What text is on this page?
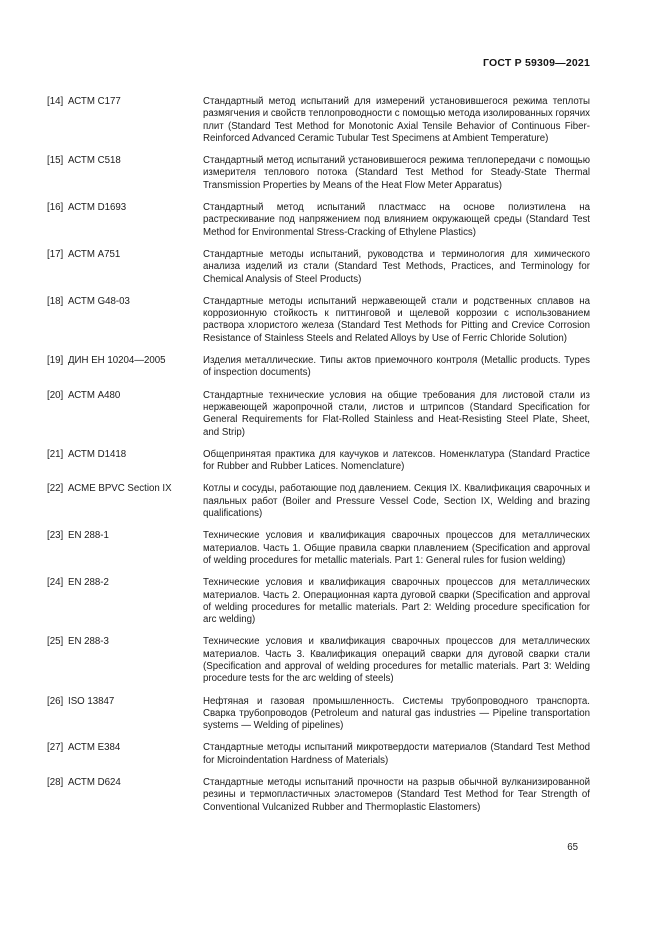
ГОСТ Р 59309—2021
[14] АСТМ С177	Стандартный метод испытаний для измерений установившегося режима теплоты размягчения и свойств теплопроводности с помощью метода изолированных горячих плит (Standard Test Method for Monotonic Axial Tensile Behavior of Continuous Fiber-Reinforced Advanced Ceramic Tubular Test Specimens at Ambient Temperature)
[15] АСТМ С518	Стандартный метод испытаний установившегося режима теплопередачи с помощью измерителя теплового потока (Standard Test Method for Steady-State Thermal Transmission Properties by Means of the Heat Flow Meter Apparatus)
[16] АСТМ D1693	Стандартный метод испытаний пластмасс на основе полиэтилена на растрескивание под напряжением под влиянием окружающей среды (Standard Test Method for Environmental Stress-Cracking of Ethylene Plastics)
[17] АСТМ А751	Стандартные методы испытаний, руководства и терминология для химического анализа изделий из стали (Standard Test Methods, Practices, and Terminology for Chemical Analysis of Steel Products)
[18] АСТМ G48-03	Стандартные методы испытаний нержавеющей стали и родственных сплавов на коррозионную стойкость к питтинговой и щелевой коррозии с использованием раствора хлористого железа (Standard Test Methods for Pitting and Crevice Corrosion Resistance of Stainless Steels and Related Alloys by Use of Ferric Chloride Solution)
[19] ДИН ЕН 10204—2005	Изделия металлические. Типы актов приемочного контроля (Metallic products. Types of inspection documents)
[20] АСТМ А480	Стандартные технические условия на общие требования для листовой стали из нержавеющей жаропрочной стали, листов и штрипсов (Standard Specification for General Requirements for Flat-Rolled Stainless and Heat-Resisting Steel Plate, Sheet, and Strip)
[21] АСТМ D1418	Общепринятая практика для каучуков и латексов. Номенклатура (Standard Practice for Rubber and Rubber Latices. Nomenclature)
[22] АСМЕ BPVC Section IX	Котлы и сосуды, работающие под давлением. Секция IX. Квалификация сварочных и паяльных работ (Boiler and Pressure Vessel Code, Section IX, Welding and brazing qualifications)
[23] EN 288-1	Технические условия и квалификация сварочных процессов для металлических материалов. Часть 1. Общие правила сварки плавлением (Specification and approval of welding procedures for metallic materials. Part 1: General rules for fusion welding)
[24] EN 288-2	Технические условия и квалификация сварочных процессов для металлических материалов. Часть 2. Операционная карта дуговой сварки (Specification and approval of welding procedures for metallic materials. Part 2: Welding procedure specification for arc welding)
[25] EN 288-3	Технические условия и квалификация сварочных процессов для металлических материалов. Часть 3. Квалификация операций сварки для дуговой сварки стали (Specification and approval of welding procedures for metallic materials. Part 3: Welding procedure tests for the arc welding of steels)
[26] ISO 13847	Нефтяная и газовая промышленность. Системы трубопроводного транспорта. Сварка трубопроводов (Petroleum and natural gas industries — Pipeline transportation systems — Welding of pipelines)
[27] АСТМ Е384	Стандартные методы испытаний микротвердости материалов (Standard Test Method for Microindentation Hardness of Materials)
[28] АСТМ D624	Стандартные методы испытаний прочности на разрыв обычной вулканизированной резины и термопластичных эластомеров (Standard Test Method for Tear Strength of Conventional Vulcanized Rubber and Thermoplastic Elastomers)
65
